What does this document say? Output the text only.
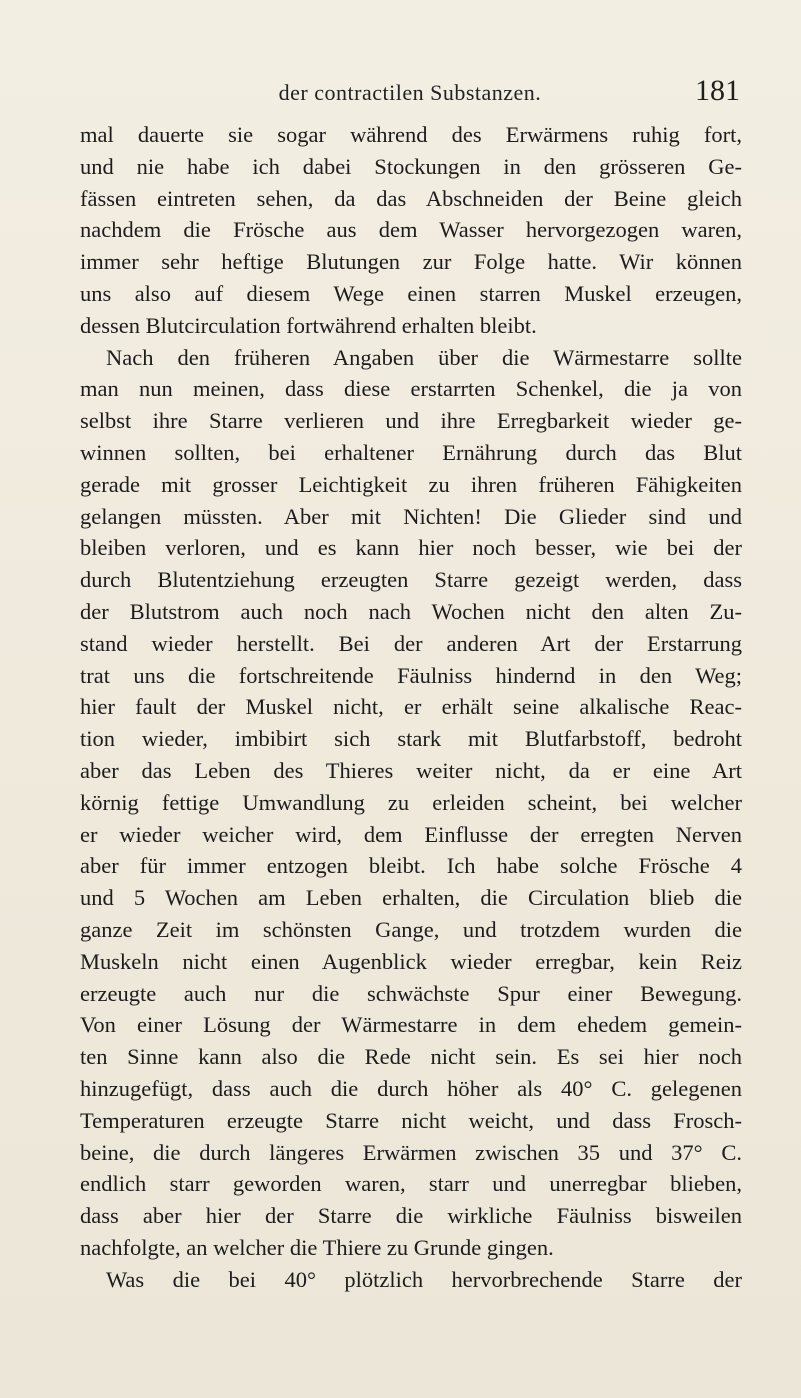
der contractilen Substanzen.	181
mal dauerte sie sogar während des Erwärmens ruhig fort,
und nie habe ich dabei Stockungen in den grösseren Ge-
fässen eintreten sehen, da das Abschneiden der Beine gleich
nachdem die Frösche aus dem Wasser hervorgezogen waren,
immer sehr heftige Blutungen zur Folge hatte. Wir können
uns also auf diesem Wege einen starren Muskel erzeugen,
dessen Blutcirculation fortwährend erhalten bleibt.
Nach den früheren Angaben über die Wärmestarre sollte
man nun meinen, dass diese erstarrten Schenkel, die ja von
selbst ihre Starre verlieren und ihre Erregbarkeit wieder ge-
winnen sollten, bei erhaltener Ernährung durch das Blut
gerade mit grosser Leichtigkeit zu ihren früheren Fähigkeiten
gelangen müssten. Aber mit Nichten! Die Glieder sind und
bleiben verloren, und es kann hier noch besser, wie bei der
durch Blutentziehung erzeugten Starre gezeigt werden, dass
der Blutstrom auch noch nach Wochen nicht den alten Zu-
stand wieder herstellt. Bei der anderen Art der Erstarrung
trat uns die fortschreitende Fäulniss hindernd in den Weg;
hier fault der Muskel nicht, er erhält seine alkalische Reac-
tion wieder, imbibirt sich stark mit Blutfarbstoff, bedroht
aber das Leben des Thieres weiter nicht, da er eine Art
körnig fettige Umwandlung zu erleiden scheint, bei welcher
er wieder weicher wird, dem Einflusse der erregten Nerven
aber für immer entzogen bleibt. Ich habe solche Frösche 4
und 5 Wochen am Leben erhalten, die Circulation blieb die
ganze Zeit im schönsten Gange, und trotzdem wurden die
Muskeln nicht einen Augenblick wieder erregbar, kein Reiz
erzeugte auch nur die schwächste Spur einer Bewegung.
Von einer Lösung der Wärmestarre in dem ehedem gemein-
ten Sinne kann also die Rede nicht sein. Es sei hier noch
hinzugefügt, dass auch die durch höher als 40° C. gelegenen
Temperaturen erzeugte Starre nicht weicht, und dass Frosch-
beine, die durch längeres Erwärmen zwischen 35 und 37° C.
endlich starr geworden waren, starr und unerregbar blieben,
dass aber hier der Starre die wirkliche Fäulniss bisweilen
nachfolgte, an welcher die Thiere zu Grunde gingen.
Was die bei 40° plötzlich hervorbrechende Starre der
